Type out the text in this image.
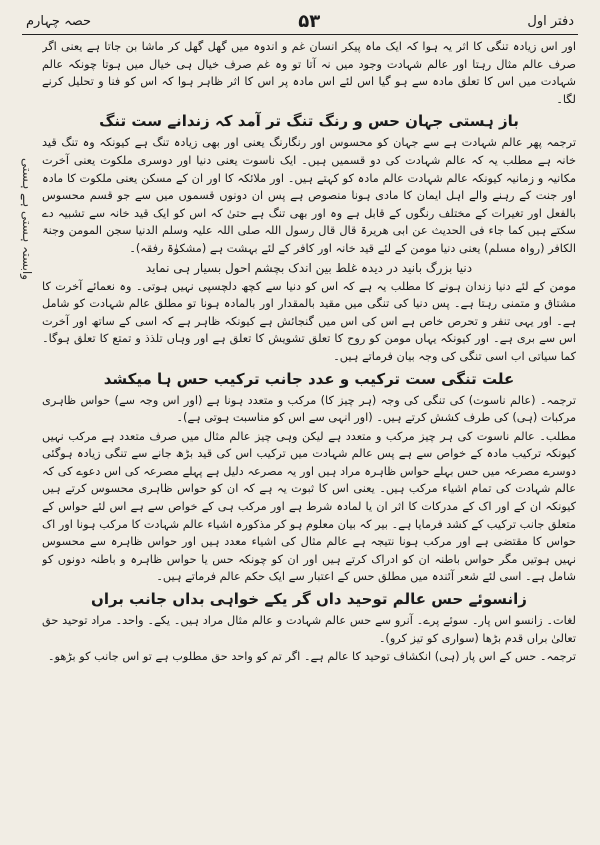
دفتر اول
۵۳
حصہ چہارم
وابستہ ہستی ہے ہستی

اور اس زیادہ تنگی کا اثر یہ ہوا کہ ایک ماہ پیکر انسان غم و اندوہ میں گھل گھل کر ماشا بن جاتا ہے یعنی اگر صرف عالم مثال رہتا اور عالم شہادت وجود میں نہ آتا تو وہ غم صرف خیال ہی خیال میں ہوتا چونکہ عالم شہادت میں اس کا تعلق مادہ سے ہو گیا اس لئے اس مادہ پر اس کا اثر ظاہر ہوا کہ اس کو فنا و تحلیل کرنے لگا۔

باز ہستی جہان حس و رنگ تنگ تر آمد کہ زندانے ست تنگ

ترجمہ پھر عالم شہادت ہے سے جہان کو محسوس اور رنگارنگ یعنی اور بھی زیادہ تنگ ہے کیونکہ وہ تنگ قید خانہ ہے مطلب یہ کہ عالم شہادت کی دو قسمیں ہیں۔ ایک ناسوت یعنی دنیا اور دوسری ملکوت یعنی آخرت مکانیہ و زمانیہ کیونکہ عالم شہادت عالم مادہ کو کہتے ہیں۔ اور ملائکہ کا اور ان کے مسکن یعنی ملکوت کا مادہ اور جنت کے رہنے والے اہل ایمان کا مادی ہونا منصوص ہے پس ان دونوں قسموں میں سے جو قسم محسوس بالفعل اور تغیرات کے مختلف رنگوں کے قابل ہے وہ اور بھی تنگ ہے حتیٰ کہ اس کو ایک قید خانہ سے تشبیہ دے سکتے ہیں کما جاء فی الحدیث عن ابی ھریرۃ قال قال رسول اللہ صلی اللہ علیہ وسلم الدنیا سجن المومن وجنۃ الکافر (رواہ مسلم) یعنی دنیا مومن کے لئے قید خانہ اور کافر کے لئے بہشت ہے (مشکوٰۃ رفقہ)۔

دنیا بزرگ بانید در دیدہ غلط بین اندک بچشم احول بسیار ہی نماید

مومن کے لئے دنیا زندان ہونے کا مطلب یہ ہے کہ اس کو دنیا سے کچھ دلچسپی نہیں ہوتی۔ وہ نعمائے آخرت کا مشتاق و متمنی رہتا ہے۔ پس دنیا کی تنگی میں مقید بالمقدار اور بالمادہ ہونا تو مطلق عالم شہادت کو شامل ہے۔ اور یہی تنفر و تحرص خاص ہے اس کی اس میں گنجائش ہے کیونکہ ظاہر ہے کہ اسی کے ساتھ اور آخرت اس سے بری ہے۔ اور کیونکہ یہاں مومن کو روح کا تعلق تشویش کا تعلق ہے اور وہاں تلذذ و تمتع کا تعلق ہوگا۔ کما سیاتی اب اسی تنگی کی وجہ بیان فرماتے ہیں۔

علت تنگی ست ترکیب و عدد جانب ترکیب حس ہا میکشد

ترجمہ۔ (عالم ناسوت) کی تنگی کی وجہ (ہر چیز کا) مرکب و متعدد ہونا ہے (اور اس وجہ سے) حواس ظاہری مرکبات (ہی) کی طرف کشش کرتے ہیں۔ (اور انہی سے اس کو مناسبت ہوتی ہے)۔

مطلب۔ عالم ناسوت کی ہر چیز مرکب و متعدد ہے لیکن وہی چیز عالم مثال میں صرف متعدد ہے مرکب نہیں کیونکہ ترکیب مادہ کے خواص سے ہے پس عالم شہادت میں ترکیب اس کی قید بڑھ جانے سے تنگی زیادہ ہوگئی دوسرے مصرعہ میں حس بہلے حواس ظاہرہ مراد ہیں اور یہ مصرعہ دلیل ہے پہلے مصرعہ کی اس دعوے کی کہ عالم شہادت کی تمام اشیاء مرکب ہیں۔ یعنی اس کا ثبوت یہ ہے کہ ان کو حواس ظاہری محسوس کرتے ہیں کیونکہ ان کے اور اک کے مدرکات کا اثر ان یا لمادہ شرط ہے اور مرکب ہی کے خواص سے ہے اس لئے حواس کے متعلق جانب ترکیب کے کشد فرمایا ہے۔ بیر کہ بیان معلوم ہو کر مذکورہ اشیاء عالم شہادت کا مرکب ہونا اور اک حواس کا مقتضی ہے اور مرکب ہونا نتیجہ ہے عالم مثال کی اشیاء معدد ہیں اور حواس ظاہرہ سے محسوس نہیں ہوتیں مگر حواس باطنہ ان کو ادراک کرتے ہیں اور ان کو چونکہ حس یا حواس ظاہرہ و باطنہ دونوں کو شامل ہے۔ اسی لئے شعر آئندہ میں مطلق حس کے اعتبار سے ایک حکم عالم فرماتے ہیں۔

زانسوئے حس عالم توحید داں گر یکے خواہی بداں جانب براں

لغات۔ زانسو اس پار۔ سوئے پرے۔ آنرو سے حس عالم شہادت و عالم مثال مراد ہیں۔ یکے۔ واحد۔ مراد توحید حق تعالیٰ براں قدم بڑھا (سواری کو تیز کرو)۔

ترجمہ۔ حس کے اس پار (ہی) انکشاف توحید کا عالم ہے۔ اگر تم کو واحد حق مطلوب ہے تو اس جانب کو بڑھو۔
